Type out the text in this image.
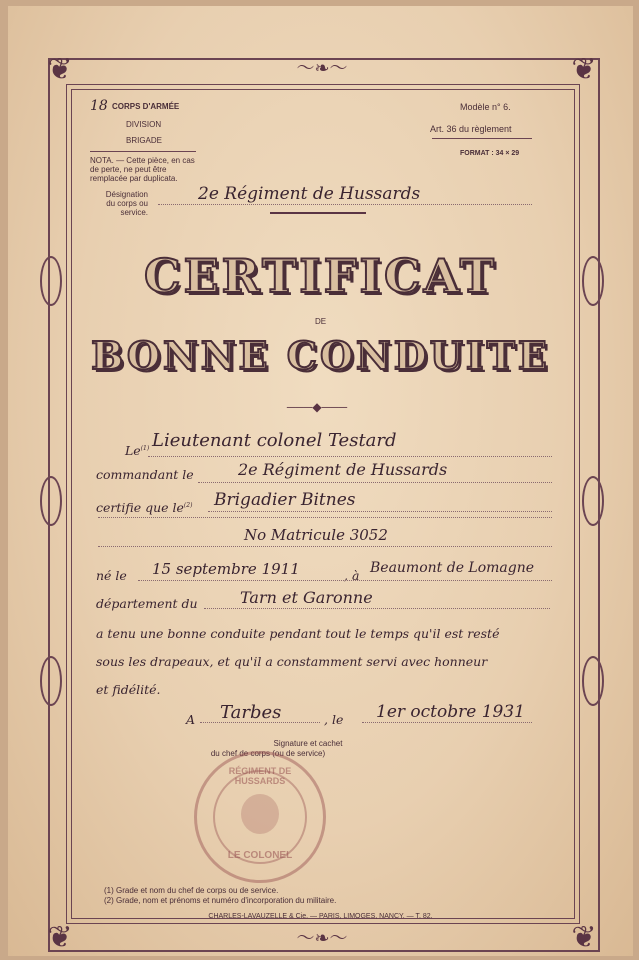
❦	❦
❦	❦
〜❧〜
〜❧〜
18 CORPS D'ARMÉE
DIVISION
BRIGADE
NOTA. — Cette pièce, en cas de perte, ne peut être remplacée par duplicata.
Désignation du corps ou service.
2e Régiment de Hussards
Modèle n° 6.
Art. 36 du règlement
FORMAT : 34 × 29
CERTIFICAT
DE
BONNE CONDUITE
───◆───
Le$^{(1)}$ Lieutenant colonel Testard
commandant le	2e Régiment de Hussards
certifie que $le^{(2)}$ Brigadier Bitnes
No Matricule 3052
né le 15 septembre 1911	, à Beaumont de Lomagne
département du	Tarn et Garonne
a tenu une bonne conduite pendant tout le temps qu'il est resté
sous les drapeaux, et qu'il a constamment servi avec honneur
et fidélité.
A Tarbes	, le 1er octobre 1931
Signature et cachet
du chef de corps (ou de service)
RÉGIMENT DE HUSSARDS
LE COLONEL
(1) Grade et nom du chef de corps ou de service.
(2) Grade, nom et prénoms et numéro d'incorporation du militaire.
CHARLES-LAVAUZELLE & Cie. — PARIS, LIMOGES, NANCY. — T. 82.
